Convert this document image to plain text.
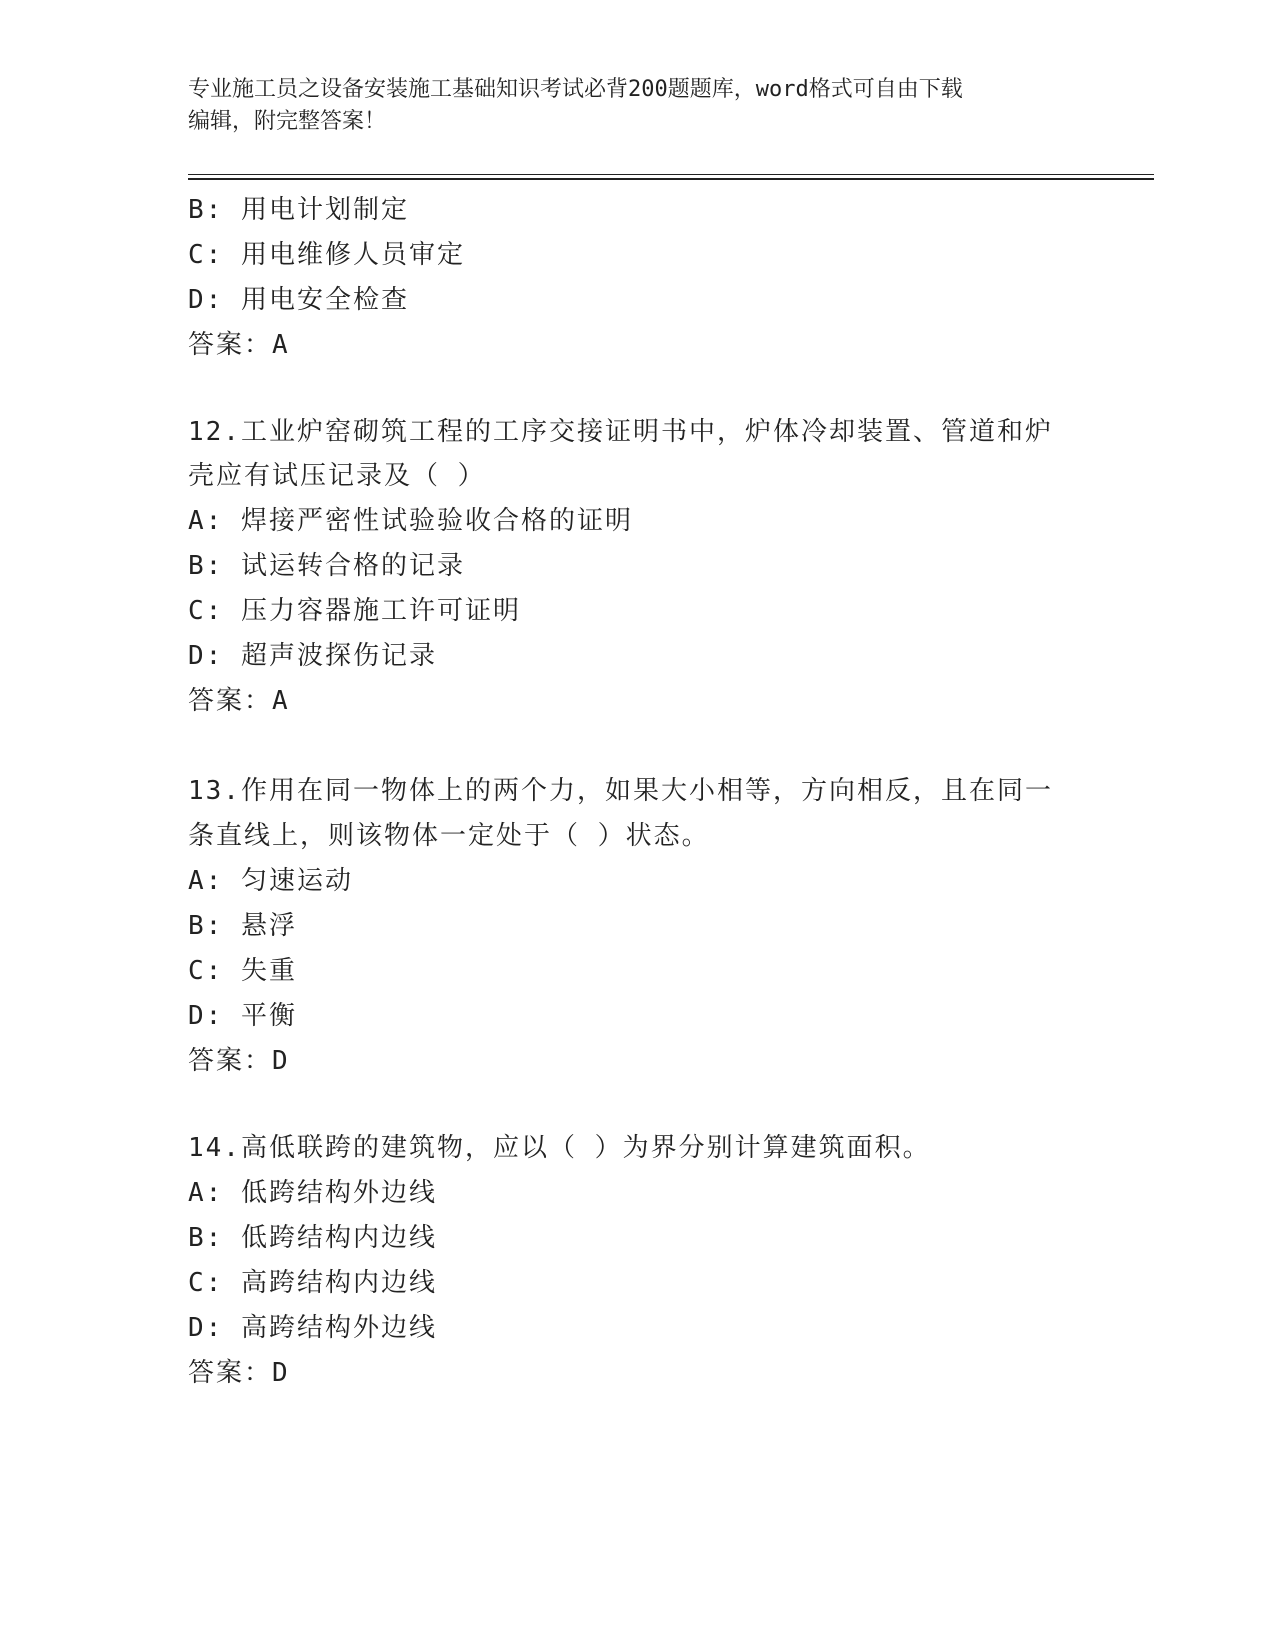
专业施工员之设备安装施工基础知识考试必背200题题库，word格式可自由下载
编辑，附完整答案！
B: 用电计划制定
C: 用电维修人员审定
D: 用电安全检查
答案：A
12.工业炉窑砌筑工程的工序交接证明书中，炉体冷却装置、管道和炉
壳应有试压记录及（ ）
A: 焊接严密性试验验收合格的证明
B: 试运转合格的记录
C: 压力容器施工许可证明
D: 超声波探伤记录
答案：A
13.作用在同一物体上的两个力，如果大小相等，方向相反，且在同一
条直线上，则该物体一定处于（ ）状态。
A: 匀速运动
B: 悬浮
C: 失重
D: 平衡
答案：D
14.高低联跨的建筑物，应以（ ）为界分别计算建筑面积。
A: 低跨结构外边线
B: 低跨结构内边线
C: 高跨结构内边线
D: 高跨结构外边线
答案：D
